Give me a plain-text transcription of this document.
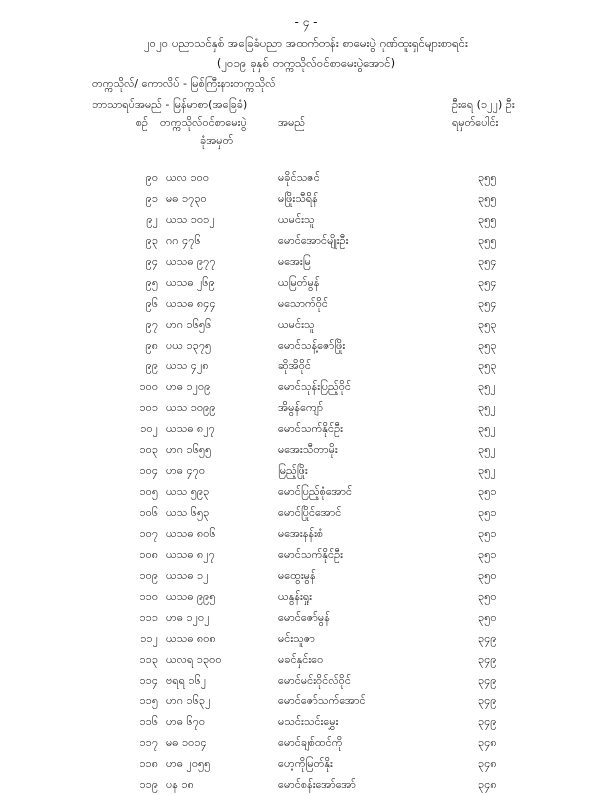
- ၄ -
၂၀၂၀ ပညာသင်နှစ် အခြေခံပညာ အထက်တန်း စာမေးပွဲ ဂုဏ်ထူးရှင်များစာရင်း
(၂၀၁၉ ခုနှစ် တက္ကသိုလ်ဝင်စာမေးပွဲအောင်)
တက္ကသိုလ်/ ကောလိပ် - မြစ်ကြီးနားတက္ကသိုလ်
ဘာသာရပ်အမည် - မြန်မာစာ(အခြေခံ)	ဦးရေ (၁၂၂) ဦး
စဉ် တက္ကသိုလ်ဝင်စာမေးပွဲ
ခုံအမှတ်
အမည်	ရမှတ်ပေါင်း
၉၀ ယလ ၁၀၀	မခိုင်သဇင်	၃၅၅
၉၁ မဓ ၁၇၃၀	မဖြိုးသီရိန်	၃၅၅
၉၂ ယသ ၁၀၁၂	ယမင်းသူ	၃၅၅
၉၃ ဂဂ ၄၇၆	မောင်အောင်မျိုးဦး	၃၅၅
၉၄ ယသဓ ၉၇၇	မအေးမြ	၃၅၄
၉၅ ယသဓ ၂၆၉	ယမြတ်မွန်	၃၅၄
၉၆ ယသဓ ၈၄၄	မသောက်ဝိုင်	၃၅၄
၉၇ ဟဂ ၁၆၅၆	ယမင်းသူ	၃၅၃
၉၈ ပယ ၁၃၇၅	မောင်သန့်ဇော်ဖြိုး	၃၅၃
၉၉ ယသ ၄၂၈	ဆိုအိဝိုင်	၃၅၃
၁၀၀ ဟဓ ၁၂၀၉	မောင်သုန်းပြည့်ဝိုင်	၃၅၂
၁၀၁ ယသ ၁၀၉၉	အိမွန်ကျော်	၃၅၂
၁၀၂ ယသဓ ၈၂၇	မောင်သက်နိုင်ဦး	၃၅၂
၁၀၃ ဟဂ ၁၆၅၅	မအေးသီတာမိုး	၃၅၂
၁၀၄ ဟဓ ၄၇၀	မြည့်ဖြိုး	၃၅၂
၁၀၅ ယသ ၅၉၃	မောင်ပြည့်စုံအောင်	၃၅၁
၁၀၆ ယသ ၆၅၃	မောင်ပြိုင်အောင်	၃၅၁
၁၀၇ ယသဓ ၈၀၆	မအေးနန်းစံ	၃၅၁
၁၀၈ ယသဓ ၈၂၇	မောင်သက်နိုင်ဦး	၃၅၁
၁၀၉ ယသဓ ၁၂	မထွေးမွန်	၃၅၀
၁၁၀ ယသဓ ၉၉၅	ယနွန်းရှုး	၃၅၀
၁၁၁ ဟဓ ၁၂၀၂	မောင်ဇော်မွန်	၃၅၀
၁၁၂ ယသဓ ၈၀၈	မင်းသူဇာ	၃၄၉
၁၁၃ ယလရ ၁၃၀၀	မခင်နှင်းဝေ	၃၄၉
၁၁၄ ဗရရ ၁၆၂	မောင်မင်းဝိုင်လ်ဝိုင်	၃၄၉
၁၁၅ ဟဂ ၁၆၃၂	မောင်ဇော်သက်အောင်	၃၄၉
၁၁၆ ဟဓ ၆၇၀	မသင်းသင်းမွှေး	၃၄၉
၁၁၇ မဓ ၁၀၁၄	မောင်ချစ်ထင်ကို	၃၄၈
၁၁၈ ဟဓ ၂၀၅၅	ဟေ့ကိုမြတ်နိုး	၃၄၈
၁၁၉ ပန ၁၈	မောင်စန်းအော်အော်	၃၄၈
